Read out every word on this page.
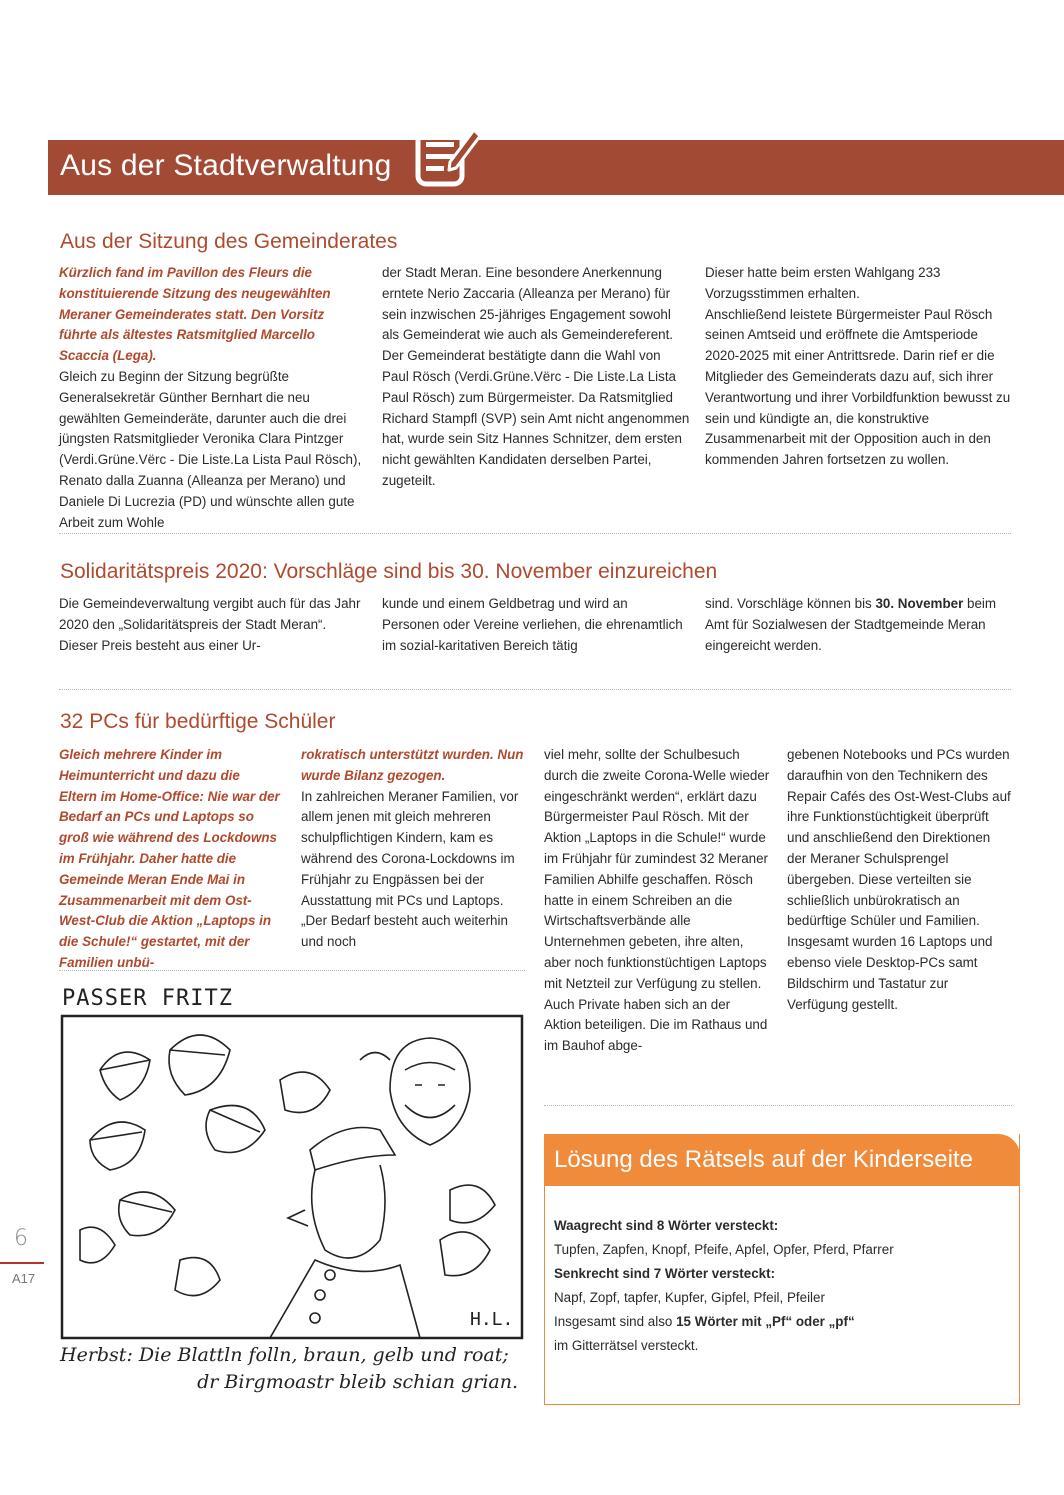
Aus der Stadtverwaltung
Aus der Sitzung des Gemeinderates

Kürzlich fand im Pavillon des Fleurs die konstituierende Sitzung des neugewählten Meraner Gemeinderates statt. Den Vorsitz führte als ältestes Ratsmitglied Marcello Scaccia (Lega).

Gleich zu Beginn der Sitzung begrüßte Generalsekretär Günther Bernhart die neu gewählten Gemeinderäte, darunter auch die drei jüngsten Ratsmitglieder Veronika Clara Pintzger (Verdi.Grüne.Vërc - Die Liste.La Lista Paul Rösch), Renato dalla Zuanna (Alleanza per Merano) und Daniele Di Lucrezia (PD) und wünschte allen gute Arbeit zum Wohle

der Stadt Meran. Eine besondere Anerkennung erntete Nerio Zaccaria (Alleanza per Merano) für sein inzwischen 25-jähriges Engagement sowohl als Gemeinderat wie auch als Gemeindereferent.

Der Gemeinderat bestätigte dann die Wahl von Paul Rösch (Verdi.Grüne.Vërc - Die Liste.La Lista Paul Rösch) zum Bürgermeister. Da Ratsmitglied Richard Stampfl (SVP) sein Amt nicht angenommen hat, wurde sein Sitz Hannes Schnitzer, dem ersten nicht gewählten Kandidaten derselben Partei, zugeteilt.

Dieser hatte beim ersten Wahlgang 233 Vorzugsstimmen erhalten.

Anschließend leistete Bürgermeister Paul Rösch seinen Amtseid und eröffnete die Amtsperiode 2020-2025 mit einer Antrittsrede. Darin rief er die Mitglieder des Gemeinderats dazu auf, sich ihrer Verantwortung und ihrer Vorbildfunktion bewusst zu sein und kündigte an, die konstruktive Zusammenarbeit mit der Opposition auch in den kommenden Jahren fortsetzen zu wollen.

Solidaritätspreis 2020: Vorschläge sind bis 30. November einzureichen

Die Gemeindeverwaltung vergibt auch für das Jahr 2020 den „Solidaritätspreis der Stadt Meran“. Dieser Preis besteht aus einer Ur-

kunde und einem Geldbetrag und wird an Personen oder Vereine verliehen, die ehrenamtlich im sozial-karitativen Bereich tätig

sind. Vorschläge können bis 30. November beim Amt für Sozialwesen der Stadtgemeinde Meran eingereicht werden.

32 PCs für bedürftige Schüler

Gleich mehrere Kinder im Heimunterricht und dazu die Eltern im Home-Office: Nie war der Bedarf an PCs und Laptops so groß wie während des Lockdowns im Frühjahr. Daher hatte die Gemeinde Meran Ende Mai in Zusammenarbeit mit dem Ost-West-Club die Aktion „Laptops in die Schule!“ gestartet, mit der Familien unbü-

rokratisch unterstützt wurden. Nun wurde Bilanz gezogen.

In zahlreichen Meraner Familien, vor allem jenen mit gleich mehreren schulpflichtigen Kindern, kam es während des Corona-Lockdowns im Frühjahr zu Engpässen bei der Ausstattung mit PCs und Laptops. „Der Bedarf besteht auch weiterhin und noch

viel mehr, sollte der Schulbesuch durch die zweite Corona-Welle wieder eingeschränkt werden“, erklärt dazu Bürgermeister Paul Rösch. Mit der Aktion „Laptops in die Schule!“ wurde im Frühjahr für zumindest 32 Meraner Familien Abhilfe geschaffen. Rösch hatte in einem Schreiben an die Wirtschaftsverbände alle Unternehmen gebeten, ihre alten, aber noch funktionstüchtigen Laptops mit Netzteil zur Verfügung zu stellen. Auch Private haben sich an der Aktion beteiligen. Die im Rathaus und im Bauhof abge-

gebenen Notebooks und PCs wurden daraufhin von den Technikern des Repair Cafés des Ost-West-Clubs auf ihre Funktionstüchtigkeit überprüft und anschließend den Direktionen der Meraner Schulsprengel übergeben. Diese verteilten sie schließlich unbürokratisch an bedürftige Schüler und Familien. Insgesamt wurden 16 Laptops und ebenso viele Desktop-PCs samt Bildschirm und Tastatur zur Verfügung gestellt.

PASSER FRITZ
H.L.
Herbst: Die Blattln folln, braun, gelb und roat;
dr Birgmoastr bleib schian grian.
Lösung des Rätsels auf der Kinderseite
Waagrecht sind 8 Wörter versteckt:
Tupfen, Zapfen, Knopf, Pfeife, Apfel, Opfer, Pferd, Pfarrer
Senkrecht sind 7 Wörter versteckt:
Napf, Zopf, tapfer, Kupfer, Gipfel, Pfeil, Pfeiler
Insgesamt sind also 15 Wörter mit „Pf“ oder „pf“
im Gitterrätsel versteckt.
6
A17
